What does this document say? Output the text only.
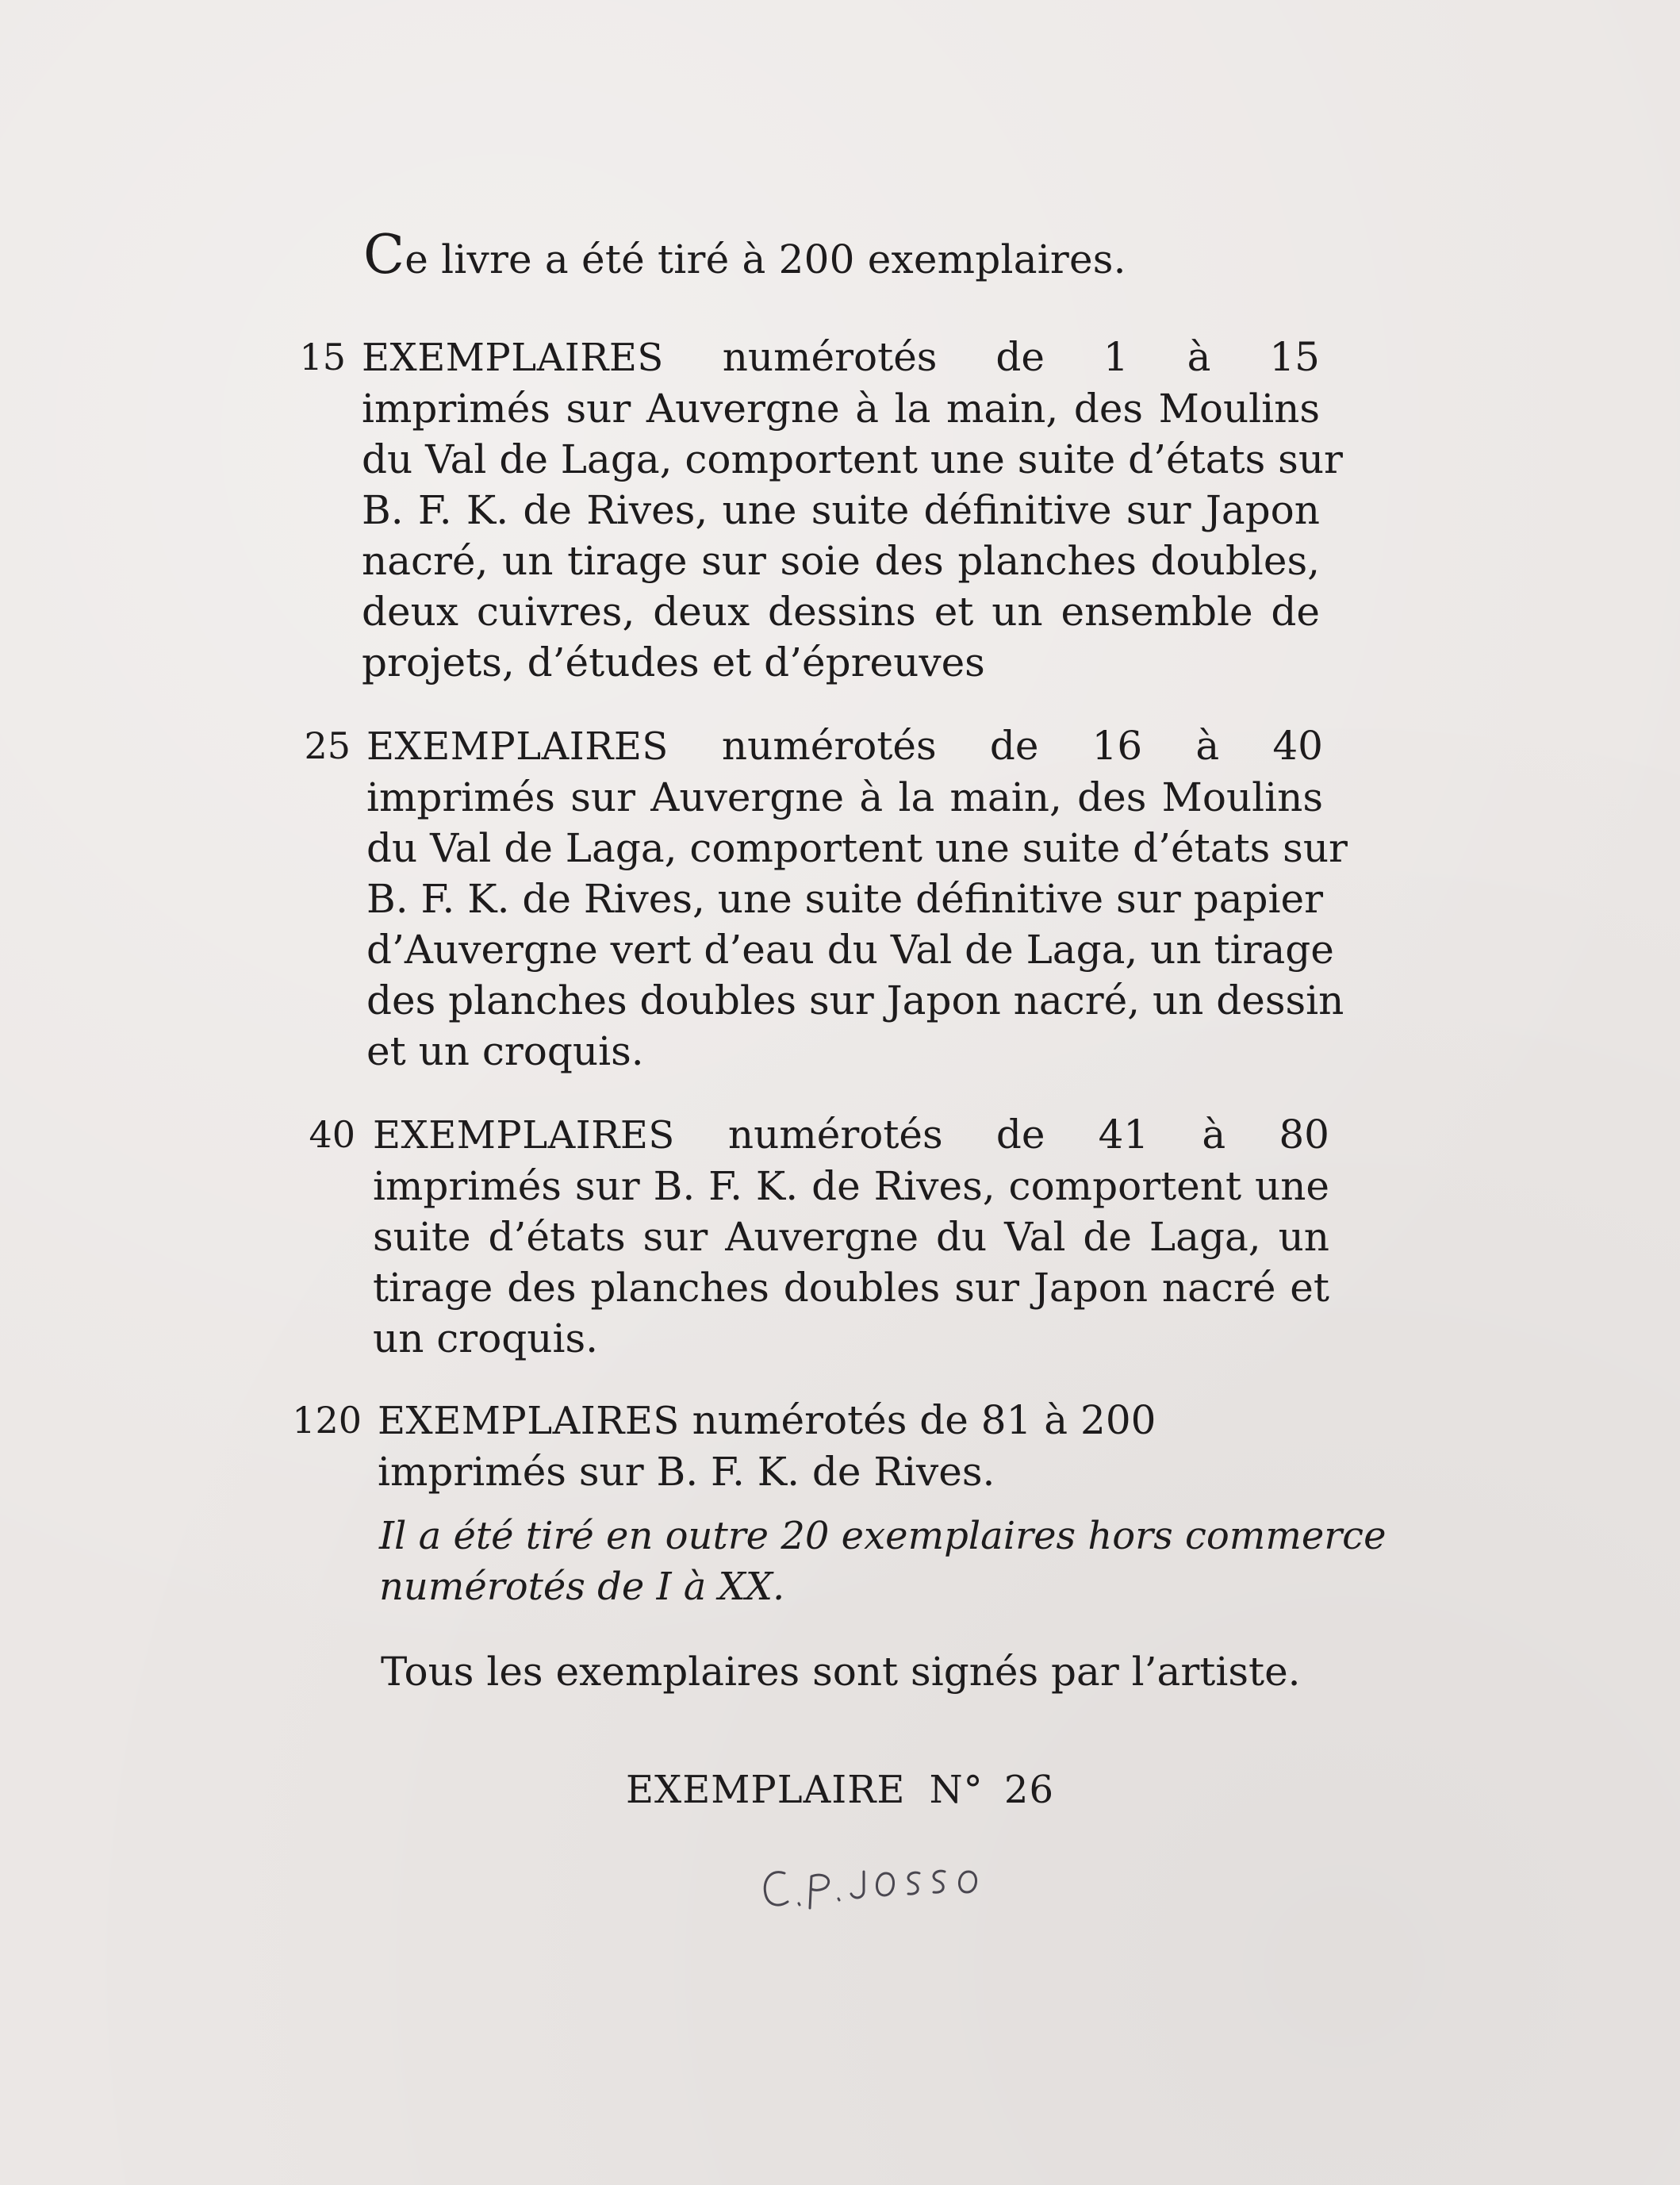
Ce livre a été tiré à 200 exemplaires.
15 EXEMPLAIRES numérotés de 1 à 15
imprimés sur Auvergne à la main, des Moulins
du Val de Laga, comportent une suite d’états sur
B. F. K. de Rives, une suite définitive sur Japon
nacré, un tirage sur soie des planches doubles,
deux cuivres, deux dessins et un ensemble de
projets, d’études et d’épreuves
25 EXEMPLAIRES numérotés de 16 à 40
imprimés sur Auvergne à la main, des Moulins
du Val de Laga, comportent une suite d’états sur
B. F. K. de Rives, une suite définitive sur papier
d’Auvergne vert d’eau du Val de Laga, un tirage
des planches doubles sur Japon nacré, un dessin
et un croquis.
40 EXEMPLAIRES numérotés de 41 à 80
imprimés sur B. F. K. de Rives, comportent une
suite d’états sur Auvergne du Val de Laga, un
tirage des planches doubles sur Japon nacré et
un croquis.
120 EXEMPLAIRES numérotés de 81 à 200
imprimés sur B. F. K. de Rives.
Il a été tiré en outre 20 exemplaires hors commerce
numérotés de I à XX.
Tous les exemplaires sont signés par l’artiste.
EXEMPLAIRE N° 26
